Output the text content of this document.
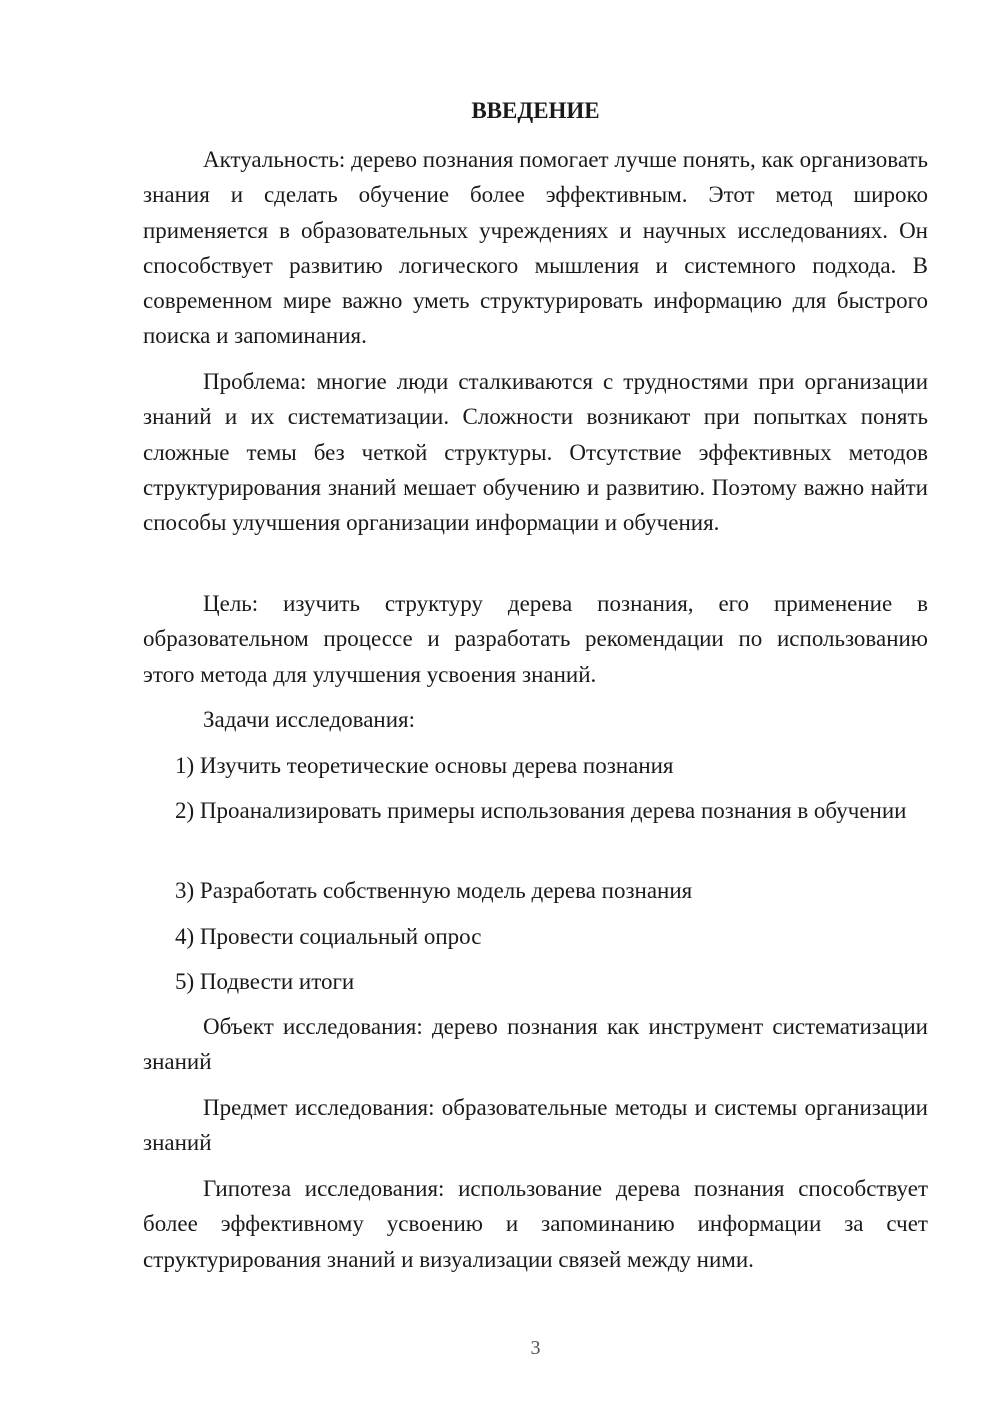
ВВЕДЕНИЕ

Актуальность: дерево познания помогает лучше понять, как организовать знания и сделать обучение более эффективным. Этот метод широко применяется в образовательных учреждениях и научных исследованиях. Он способствует развитию логического мышления и системного подхода. В современном мире важно уметь структурировать информацию для быстрого поиска и запоминания.

Проблема: многие люди сталкиваются с трудностями при организации знаний и их систематизации. Сложности возникают при попытках понять сложные темы без четкой структуры. Отсутствие эффективных методов структурирования знаний мешает обучению и развитию. Поэтому важно найти способы улучшения организации информации и обучения.

Цель: изучить структуру дерева познания, его применение в образовательном процессе и разработать рекомендации по использованию этого метода для улучшения усвоения знаний.

Задачи исследования:

1) Изучить теоретические основы дерева познания

2) Проанализировать примеры использования дерева познания в обучении

3) Разработать собственную модель дерева познания

4) Провести социальный опрос

5) Подвести итоги

Объект исследования: дерево познания как инструмент систематизации знаний

Предмет исследования: образовательные методы и системы организации знаний

Гипотеза исследования: использование дерева познания способствует более эффективному усвоению и запоминанию информации за счет структурирования знаний и визуализации связей между ними.

3
